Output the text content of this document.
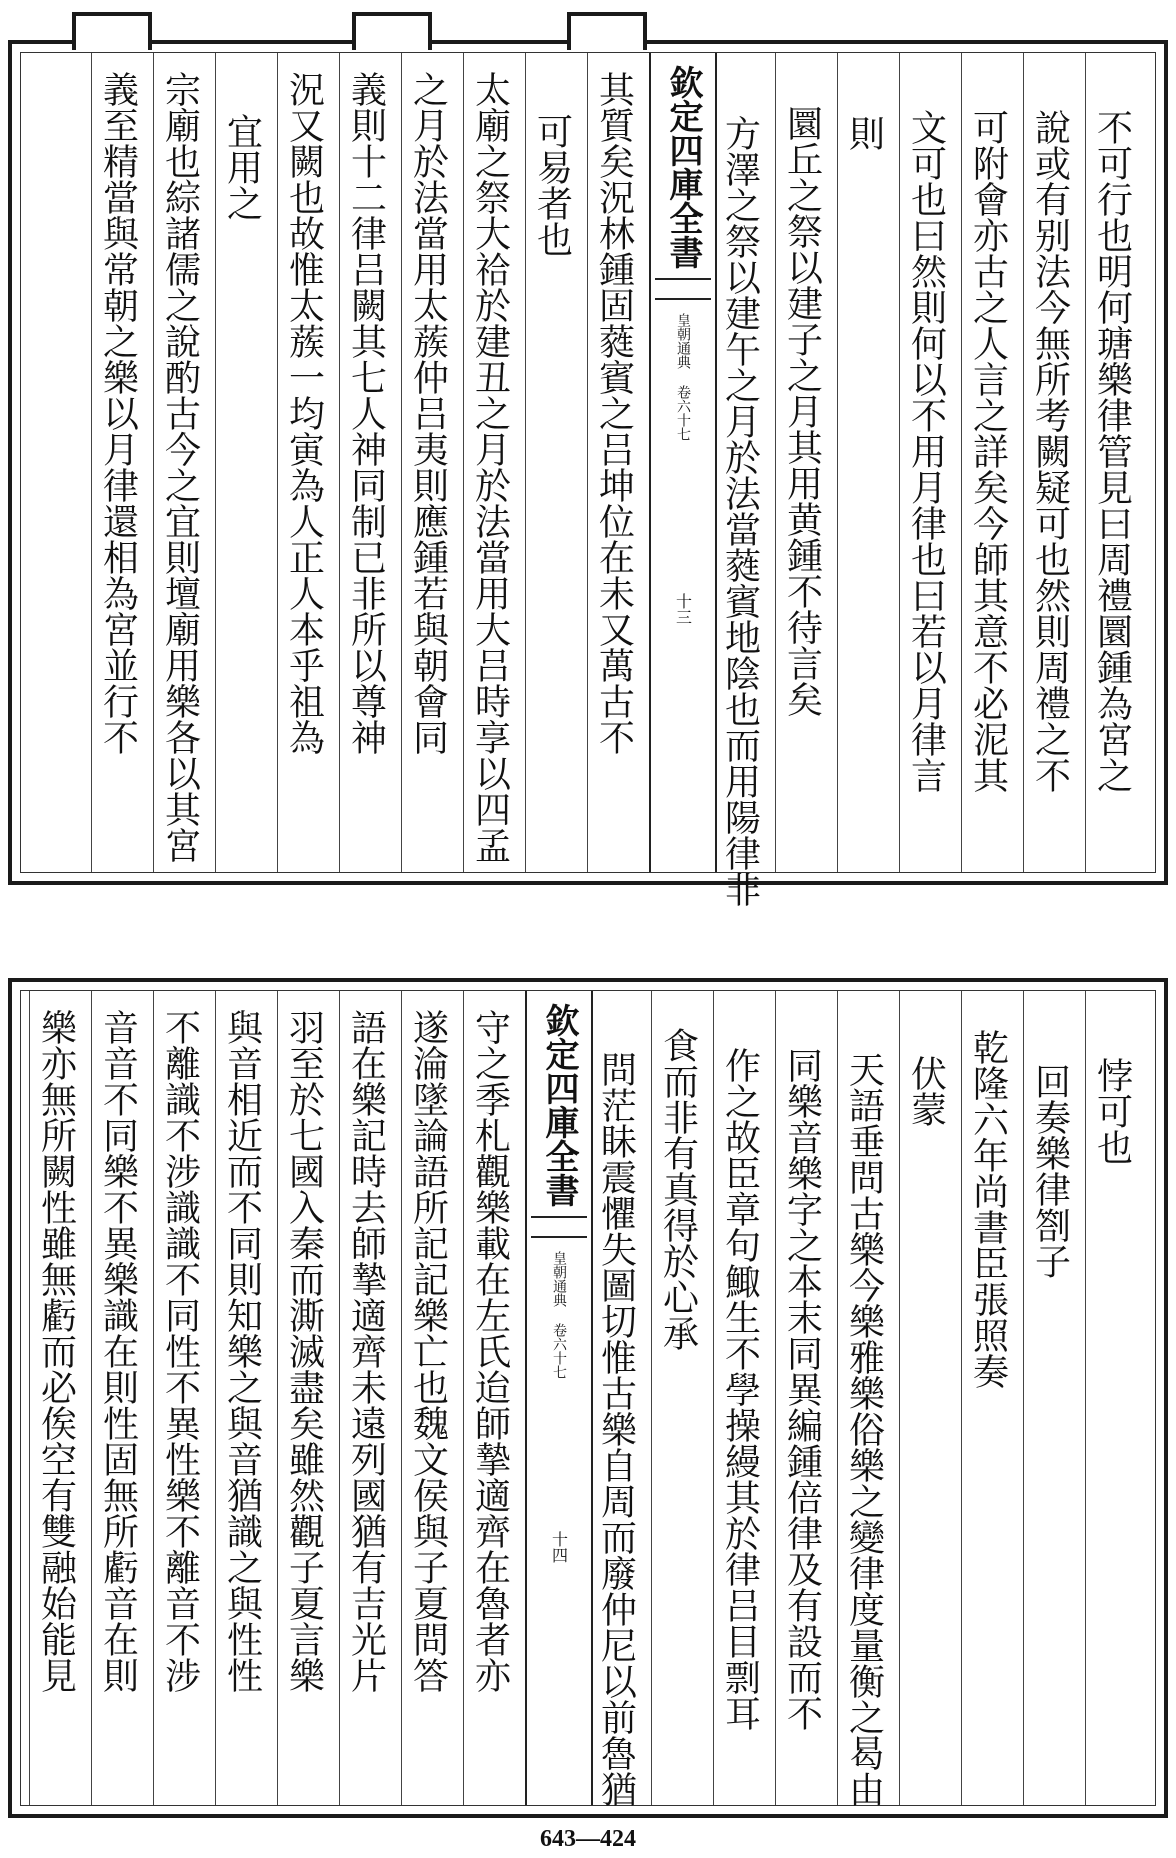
不可行也明何瑭樂律管見曰周禮圜鍾為宮之
說或有别法今無所考闕疑可也然則周禮之不
可附會亦古之人言之詳矣今師其意不必泥其
文可也曰然則何以不用月律也曰若以月律言
則
圜丘之祭以建子之月其用黄鍾不待言矣
方澤之祭以建午之月於法當蕤賓地陰也而用陽律非
欽定四庫全書
皇朝通典 卷六十七
十三
其質矣況林鍾固蕤賓之吕坤位在未又萬古不
可易者也
太廟之祭大祫於建丑之月於法當用大吕時享以四孟
之月於法當用太蔟仲吕夷則應鍾若與朝會同
義則十二律吕闕其七人神同制已非所以尊神
況又闕也故惟太蔟一均寅為人正人本乎祖為
宜用之
宗廟也綜諸儒之說酌古今之宜則壇廟用樂各以其宮
義至精當與常朝之樂以月律還相為宮並行不
悖可也
回奏樂律劄子
乾隆六年尚書臣張照奏
伏蒙
天語垂問古樂今樂雅樂俗樂之變律度量衡之曷由
同樂音樂字之本末同異編鍾倍律及有設而不
作之故臣章句鯫生不學操縵其於律吕目剽耳
食而非有真得於心承
問茫眛震懼失圖切惟古樂自周而廢仲尼以前魯猶
欽定四庫全書
皇朝通典 卷六十七
十四
守之季札觀樂載在左氏迨師摯適齊在魯者亦
遂淪墜論語所記記樂亡也魏文侯與子夏問答
語在樂記時去師摯適齊未遠列國猶有吉光片
羽至於七國入秦而澌滅盡矣雖然觀子夏言樂
與音相近而不同則知樂之與音猶識之與性性
不離識不涉識識不同性不異性樂不離音不涉
音音不同樂不異樂識在則性固無所虧音在則
樂亦無所闕性雖無虧而必俟空有雙融始能見
643—424
